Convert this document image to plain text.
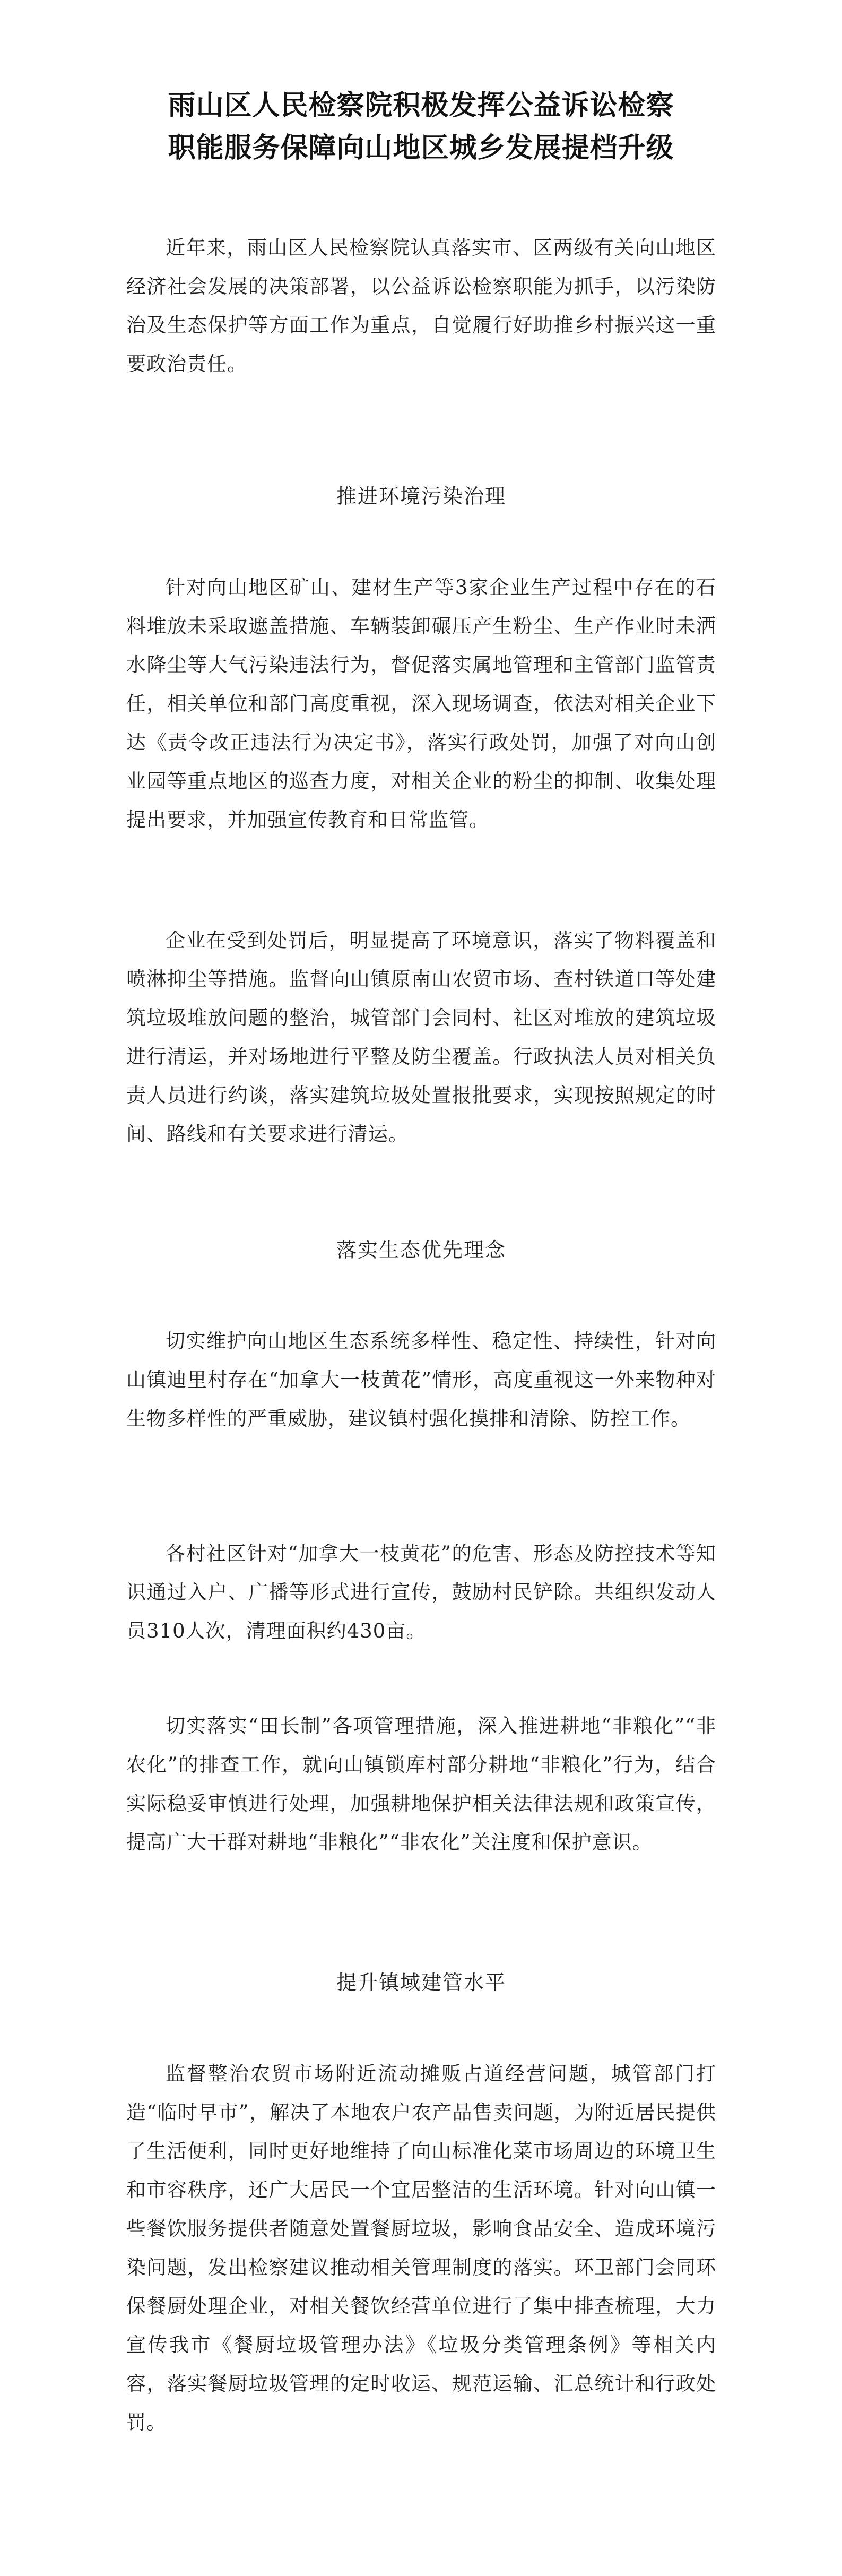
雨山区人民检察院积极发挥公益诉讼检察
职能服务保障向山地区城乡发展提档升级

近年来，雨山区人民检察院认真落实市、区两级有关向山地区经济社会发展的决策部署，以公益诉讼检察职能为抓手，以污染防治及生态保护等方面工作为重点，自觉履行好助推乡村振兴这一重要政治责任。

推进环境污染治理

针对向山地区矿山、建材生产等3家企业生产过程中存在的石料堆放未采取遮盖措施、车辆装卸碾压产生粉尘、生产作业时未洒水降尘等大气污染违法行为，督促落实属地管理和主管部门监管责任，相关单位和部门高度重视，深入现场调查，依法对相关企业下达《责令改正违法行为决定书》，落实行政处罚，加强了对向山创业园等重点地区的巡查力度，对相关企业的粉尘的抑制、收集处理提出要求，并加强宣传教育和日常监管。

企业在受到处罚后，明显提高了环境意识，落实了物料覆盖和喷淋抑尘等措施。监督向山镇原南山农贸市场、查村铁道口等处建筑垃圾堆放问题的整治，城管部门会同村、社区对堆放的建筑垃圾进行清运，并对场地进行平整及防尘覆盖。行政执法人员对相关负责人员进行约谈，落实建筑垃圾处置报批要求，实现按照规定的时间、路线和有关要求进行清运。

落实生态优先理念

切实维护向山地区生态系统多样性、稳定性、持续性，针对向山镇迪里村存在“加拿大一枝黄花”情形，高度重视这一外来物种对生物多样性的严重威胁，建议镇村强化摸排和清除、防控工作。

各村社区针对“加拿大一枝黄花”的危害、形态及防控技术等知识通过入户、广播等形式进行宣传，鼓励村民铲除。共组织发动人员310人次，清理面积约430亩。

切实落实“田长制”各项管理措施，深入推进耕地“非粮化”“非农化”的排查工作，就向山镇锁库村部分耕地“非粮化”行为，结合实际稳妥审慎进行处理，加强耕地保护相关法律法规和政策宣传，提高广大干群对耕地“非粮化”“非农化”关注度和保护意识。

提升镇域建管水平

监督整治农贸市场附近流动摊贩占道经营问题，城管部门打造“临时早市”，解决了本地农户农产品售卖问题，为附近居民提供了生活便利，同时更好地维持了向山标准化菜市场周边的环境卫生和市容秩序，还广大居民一个宜居整洁的生活环境。针对向山镇一些餐饮服务提供者随意处置餐厨垃圾，影响食品安全、造成环境污染问题，发出检察建议推动相关管理制度的落实。环卫部门会同环保餐厨处理企业，对相关餐饮经营单位进行了集中排查梳理，大力宣传我市《餐厨垃圾管理办法》《垃圾分类管理条例》等相关内容，落实餐厨垃圾管理的定时收运、规范运输、汇总统计和行政处罚。
